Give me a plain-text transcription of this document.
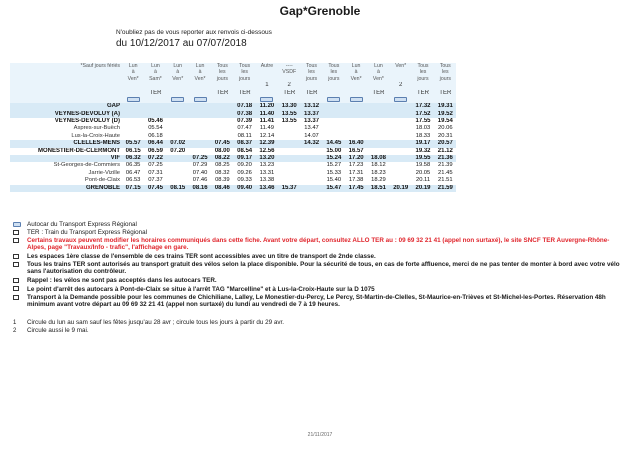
Gap*Grenoble
N'oubliez pas de vous reporter aux renvois ci-dessous
du 10/12/2017 au 07/07/2018
*Sauf jours fériés	Lun	Lun	Lun	Lun	Tous	Tous	Autre	----	Tous	Tous	Lun	Lun	Ven*	Tous	Tous
	à	à	à	à	les	les		VSDF	les	les	à	à		les	les
	Ven*	Sam*	Ven*	Ven*	jours	jours			jours	jours	Ven*	Ven*		jours	jours
							1	2					2		
		TER			TER	TER		TER	TER			TER		TER	TER

GAP						07.18	11.20	13.30	13.12					17.32	19.31
VEYNES-DÉVOLUY (A)						07.38	11.40	13.55	13.37					17.52	19.52
VEYNES-DÉVOLUY (D)		05.46				07.39	11.41	13.55	13.37					17.55	19.54
Aspres-sur-Buëch		05.54				07.47	11.49		13.47					18.03	20.06
Lus-la-Croix-Haute		06.18				08.11	12.14		14.07					18.33	20.31
CLELLES-MENS	05.57	06.44	07.02		07.45	08.37	12.39		14.32	14.45	16.40			19.17	20.57
MONESTIER-DE-CLERMONT	06.15	06.59	07.20		08.00	08.54	12.56			15.00	16.57			19.32	21.12
VIF	06.32	07.22		07.25	08.22	09.17	13.20			15.24	17.20	18.08		19.55	21.36
St-Georges-de-Commiers	06.35	07.25		07.29	08.25	09.20	13.23			15.27	17.23	18.12		19.58	21.39
Jarrie-Vizille	06.47	07.31		07.40	08.32	09.26	13.31			15.33	17.31	18.23		20.05	21.45
Pont-de-Claix	06.53	07.37		07.46	08.39	09.33	13.38			15.40	17.38	18.29		20.11	21.51
GRENOBLE	07.15	07.45	08.15	08.16	08.46	09.40	13.46	15.37		15.47	17.45	18.51	20.19	20.19	21.59
Autocar du Transport Express Régional
TER : Train du Transport Express Régional
Certains travaux peuvent modifier les horaires communiqués dans cette fiche. Avant votre départ, consultez ALLO TER au : 09 69 32 21 41 (appel non surtaxé), le site SNCF TER Auvergne-Rhône-Alpes, page "Travaux/Info - trafic", l'affichage en gare.
Les espaces 1ère classe de l'ensemble de ces trains TER sont accessibles avec un titre de transport de 2nde classe.
Tous les trains TER sont autorisés au transport gratuit des vélos selon la place disponible. Pour la sécurité de tous, en cas de forte affluence, merci de ne pas tenter de monter à bord avec votre vélo sans l'autorisation du contrôleur.
Rappel : les vélos ne sont pas acceptés dans les autocars TER.
Le point d'arrêt des autocars à Pont-de-Claix se situe à l'arrêt TAG "Marcelline" et à Lus-la-Croix-Haute sur la D 1075
Transport à la Demande possible pour les communes de Chichiliane, Lalley, Le Monestier-du-Percy, Le Percy, St-Martin-de-Clelles, St-Maurice-en-Trièves et St-Michel-les-Portes. Réservation 48h minimum avant votre départ au 09 69 32 21 41 (appel non surtaxé) du lundi au vendredi de 7 à 19 heures.
1	Circule du lun au sam sauf les fêtes jusqu'au 28 avr ; circule tous les jours à partir du 29 avr.
2	Circule aussi le 9 mai.
21/11/2017
